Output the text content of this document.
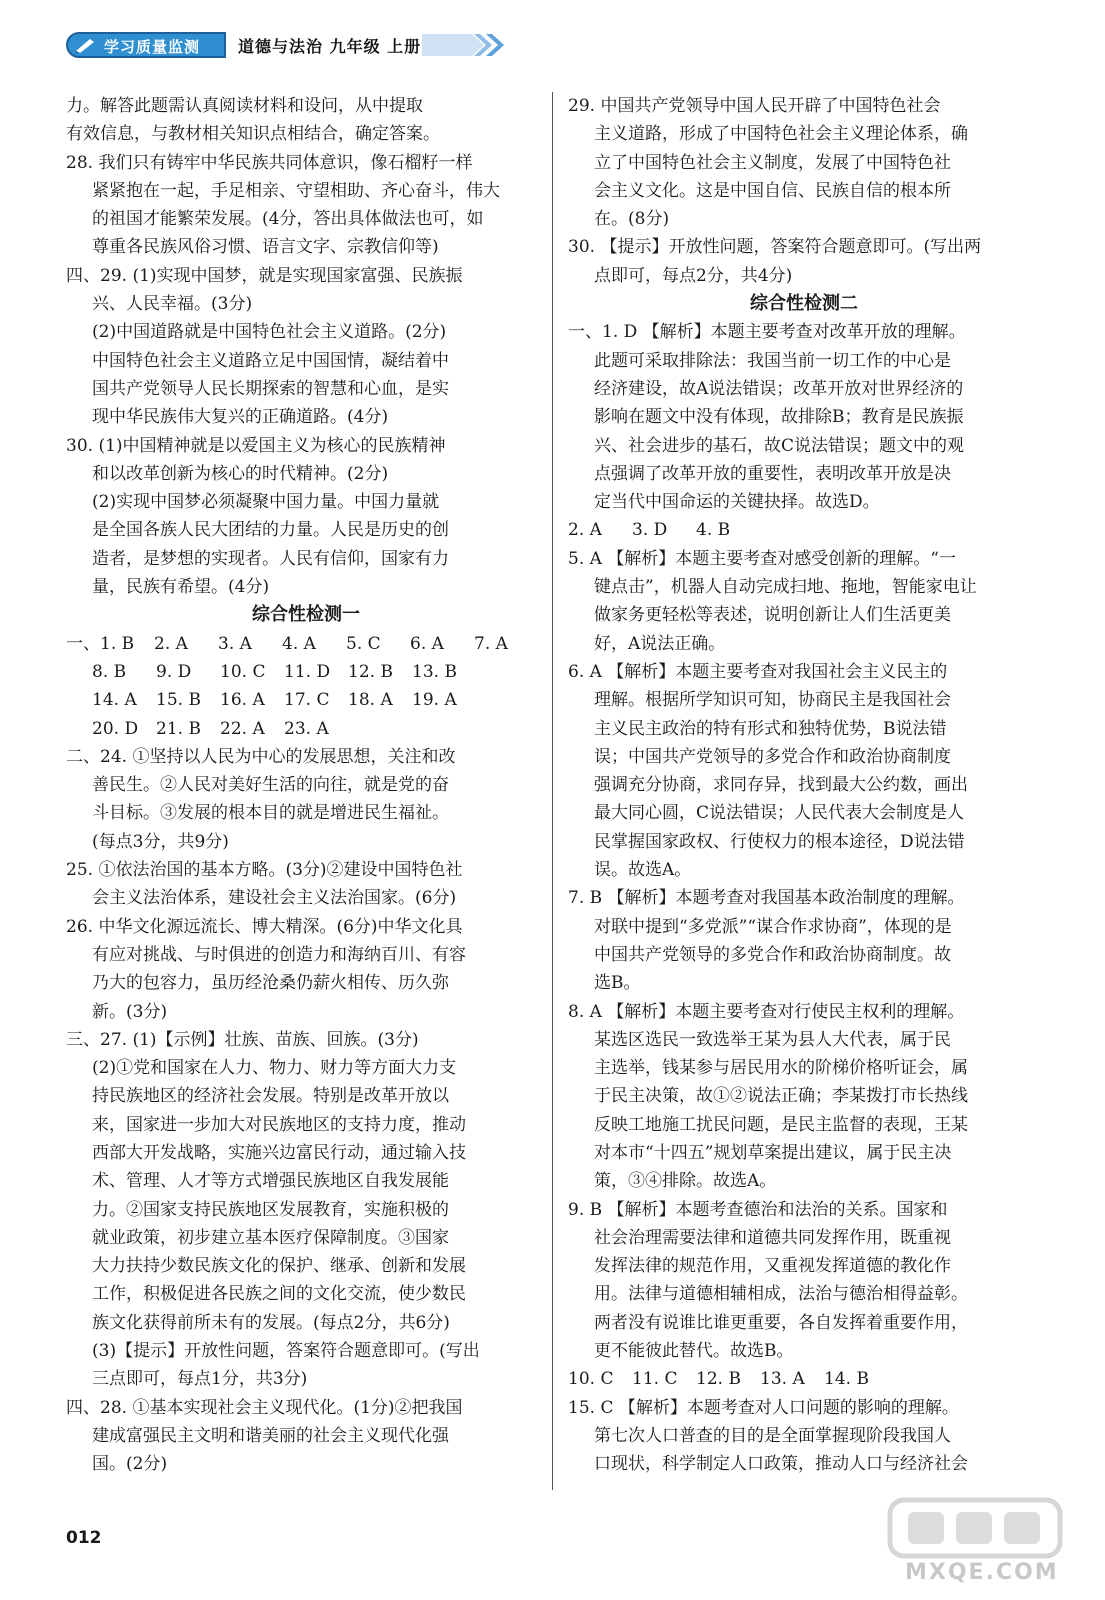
学习质量监测 道德与法治 九年级 上册
力。解答此题需认真阅读材料和设问，从中提取
有效信息，与教材相关知识点相结合，确定答案。
28. 我们只有铸牢中华民族共同体意识，像石榴籽一样
紧紧抱在一起，手足相亲、守望相助、齐心奋斗，伟大
的祖国才能繁荣发展。(4分，答出具体做法也可，如
尊重各民族风俗习惯、语言文字、宗教信仰等)
四、29. (1)实现中国梦，就是实现国家富强、民族振
兴、人民幸福。(3分)
(2)中国道路就是中国特色社会主义道路。(2分)
中国特色社会主义道路立足中国国情，凝结着中
国共产党领导人民长期探索的智慧和心血，是实
现中华民族伟大复兴的正确道路。(4分)
30. (1)中国精神就是以爱国主义为核心的民族精神
和以改革创新为核心的时代精神。(2分)
(2)实现中国梦必须凝聚中国力量。中国力量就
是全国各族人民大团结的力量。人民是历史的创
造者，是梦想的实现者。人民有信仰，国家有力
量，民族有希望。(4分)
综合性检测一
一、1. B	2. A	3. A	4. A	5. C	6. A	7. A
8. B	9. D	10. C	11. D	12. B	13. B
14. A	15. B	16. A	17. C	18. A	19. A
20. D	21. B	22. A	23. A
二、24. ①坚持以人民为中心的发展思想，关注和改
善民生。②人民对美好生活的向往，就是党的奋
斗目标。③发展的根本目的就是增进民生福祉。
(每点3分，共9分)
25. ①依法治国的基本方略。(3分)②建设中国特色社
会主义法治体系，建设社会主义法治国家。(6分)
26. 中华文化源远流长、博大精深。(6分)中华文化具
有应对挑战、与时俱进的创造力和海纳百川、有容
乃大的包容力，虽历经沧桑仍薪火相传、历久弥
新。(3分)
三、27. (1)【示例】壮族、苗族、回族。(3分)
(2)①党和国家在人力、物力、财力等方面大力支
持民族地区的经济社会发展。特别是改革开放以
来，国家进一步加大对民族地区的支持力度，推动
西部大开发战略，实施兴边富民行动，通过输入技
术、管理、人才等方式增强民族地区自我发展能
力。②国家支持民族地区发展教育，实施积极的
就业政策，初步建立基本医疗保障制度。③国家
大力扶持少数民族文化的保护、继承、创新和发展
工作，积极促进各民族之间的文化交流，使少数民
族文化获得前所未有的发展。(每点2分，共6分)
(3)【提示】开放性问题，答案符合题意即可。(写出
三点即可，每点1分，共3分)
四、28. ①基本实现社会主义现代化。(1分)②把我国
建成富强民主文明和谐美丽的社会主义现代化强
国。(2分)
29. 中国共产党领导中国人民开辟了中国特色社会
主义道路，形成了中国特色社会主义理论体系，确
立了中国特色社会主义制度，发展了中国特色社
会主义文化。这是中国自信、民族自信的根本所
在。(8分)
30. 【提示】开放性问题，答案符合题意即可。(写出两
点即可，每点2分，共4分)
综合性检测二
一、1. D 【解析】本题主要考查对改革开放的理解。
此题可采取排除法：我国当前一切工作的中心是
经济建设，故A说法错误；改革开放对世界经济的
影响在题文中没有体现，故排除B；教育是民族振
兴、社会进步的基石，故C说法错误；题文中的观
点强调了改革开放的重要性，表明改革开放是决
定当代中国命运的关键抉择。故选D。
2. A	3. D	4. B
5. A 【解析】本题主要考查对感受创新的理解。“一
键点击”，机器人自动完成扫地、拖地，智能家电让
做家务更轻松等表述，说明创新让人们生活更美
好，A说法正确。
6. A 【解析】本题主要考查对我国社会主义民主的
理解。根据所学知识可知，协商民主是我国社会
主义民主政治的特有形式和独特优势，B说法错
误；中国共产党领导的多党合作和政治协商制度
强调充分协商，求同存异，找到最大公约数，画出
最大同心圆，C说法错误；人民代表大会制度是人
民掌握国家政权、行使权力的根本途径，D说法错
误。故选A。
7. B 【解析】本题考查对我国基本政治制度的理解。
对联中提到“多党派”“谋合作求协商”，体现的是
中国共产党领导的多党合作和政治协商制度。故
选B。
8. A 【解析】本题主要考查对行使民主权利的理解。
某选区选民一致选举王某为县人大代表，属于民
主选举，钱某参与居民用水的阶梯价格听证会，属
于民主决策，故①②说法正确；李某拨打市长热线
反映工地施工扰民问题，是民主监督的表现，王某
对本市“十四五”规划草案提出建议，属于民主决
策，③④排除。故选A。
9. B 【解析】本题考查德治和法治的关系。国家和
社会治理需要法律和道德共同发挥作用，既重视
发挥法律的规范作用，又重视发挥道德的教化作
用。法律与道德相辅相成，法治与德治相得益彰。
两者没有说谁比谁更重要，各自发挥着重要作用，
更不能彼此替代。故选B。
10. C	11. C	12. B	13. A	14. B
15. C 【解析】本题考查对人口问题的影响的理解。
第七次人口普查的目的是全面掌握现阶段我国人
口现状，科学制定人口政策，推动人口与经济社会
012
MXQE.COM
